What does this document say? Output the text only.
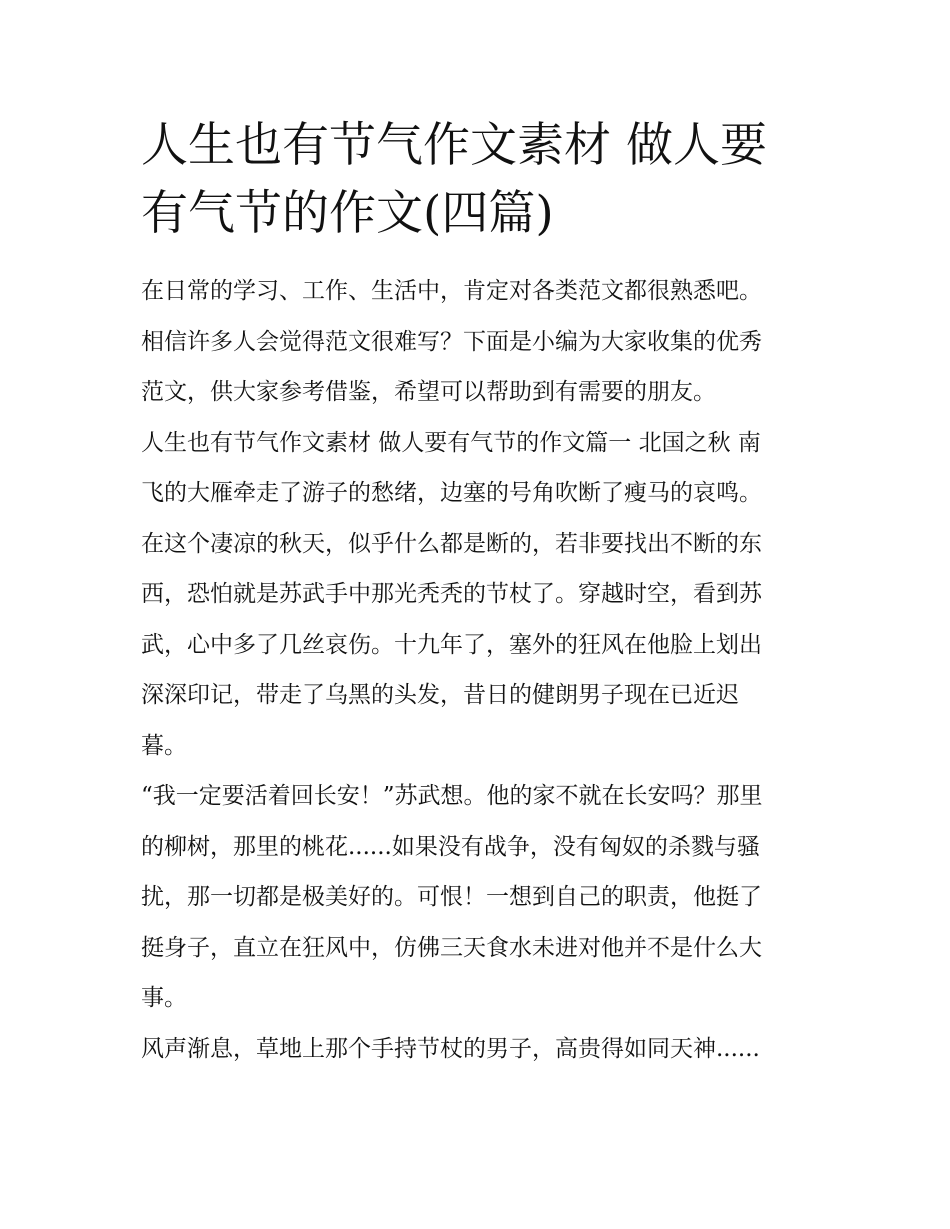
人生也有节气作文素材 做人要
有气节的作文(四篇)

在日常的学习、工作、生活中，肯定对各类范文都很熟悉吧。
相信许多人会觉得范文很难写？下面是小编为大家收集的优秀
范文，供大家参考借鉴，希望可以帮助到有需要的朋友。

人生也有节气作文素材 做人要有气节的作文篇一 北国之秋 南
飞的大雁牵走了游子的愁绪，边塞的号角吹断了瘦马的哀鸣。
在这个凄凉的秋天，似乎什么都是断的，若非要找出不断的东
西，恐怕就是苏武手中那光秃秃的节杖了。穿越时空，看到苏
武，心中多了几丝哀伤。十九年了，塞外的狂风在他脸上划出
深深印记，带走了乌黑的头发，昔日的健朗男子现在已近迟
暮。

“我一定要活着回长安！”苏武想。他的家不就在长安吗？那里
的柳树，那里的桃花......如果没有战争，没有匈奴的杀戮与骚
扰，那一切都是极美好的。可恨！一想到自己的职责，他挺了
挺身子，直立在狂风中，仿佛三天食水未进对他并不是什么大
事。

风声渐息，草地上那个手持节杖的男子，高贵得如同天神......
